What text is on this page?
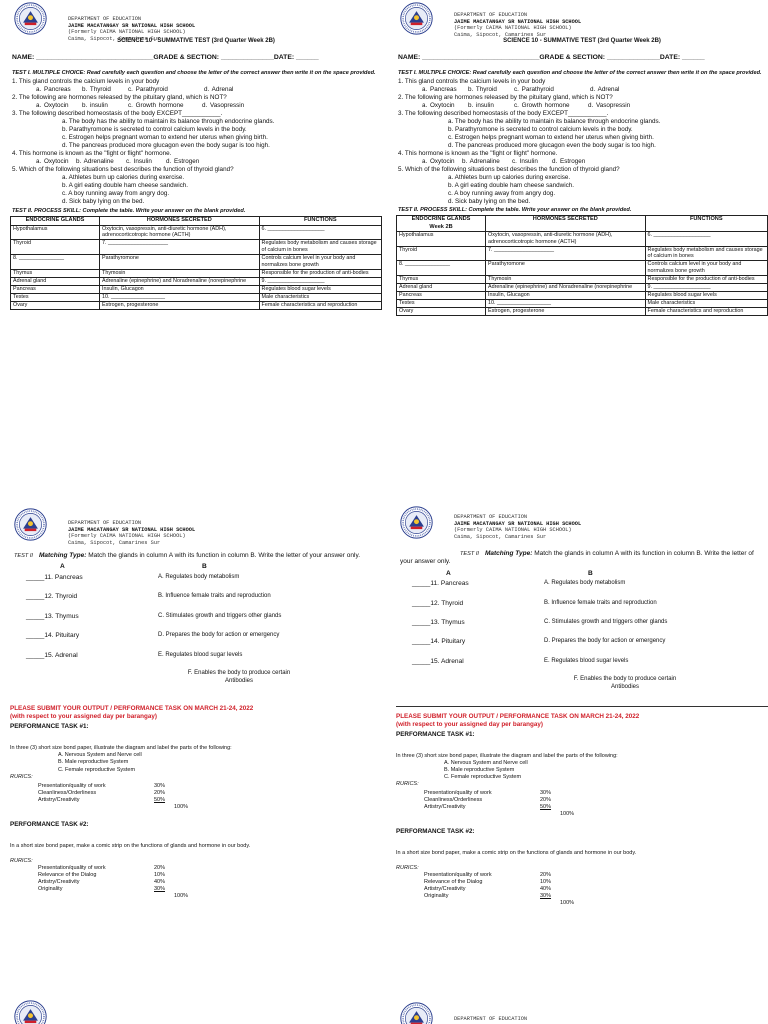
DEPARTMENT OF EDUCATION
JAIME MACATANGAY SR NATIONAL HIGH SCHOOL
(Formerly CAIMA NATIONAL HIGH SCHOOL)
Caima, Sipocot, Camarines Sur
SCIENCE 10 - SUMMATIVE TEST (3rd Quarter Week 2B)
NAME: _______________________________GRADE & SECTION: ______________DATE: ______
TEST I. MULTIPLE CHOICE: Read carefully each question and choose the letter of the correct answer then write it on the space provided.
1. This gland controls the calcium levels in your body
a. Pancreas b. Thyroid	c. Parathyroid	d. Adrenal
2. The following are hormones released by the pituitary gland, which is NOT?
a. Oxytocin b. insulin	c. Growth hormone	d. Vasopressin
3. The following described homeostasis of the body EXCEPT___________.
a. The body has the ability to maintain its balance through endocrine glands.
b. Parathyromone is secreted to control calcium levels in the body.
c. Estrogen helps pregnant woman to extend her uterus when giving birth.
d. The pancreas produced more glucagon even the body sugar is too high.
4. This hormone is known as the "fight or flight" hormone.
a. Oxytocin b. Adrenaline c. Insulin d. Estrogen
5. Which of the following situations best describes the function of thyroid gland?
a. Athletes burn up calories during exercise.
b. A girl eating double ham cheese sandwich.
c. A boy running away from angry dog.
d. Sick baby lying on the bed.
TEST II. PROCESS SKILL: Complete the table. Write your answer on the blank provided.
ENDOCRINE GLANDS	HORMONES SECRETED	FUNCTIONS
Hypothalamus	Oxytocin, vasopressin, anti-diuretic hormone (ADH), adrenocorticotropic hormone (ACTH)	6. ___________________
Thyroid	7. ____________________	Regulates body metabolism and causes storage of calcium in bones
8. _______________	Parathyromone	Controls calcium level in your body and normalizes bone growth
Thymus	Thymosin	Responsible for the production of anti-bodies
Adrenal gland	Adrenaline (epinephrine) and Noradrenaline (norepinephrine	9. ___________________
Pancreas	Insulin, Glucagon	Regulates blood sugar levels
Testes	10. __________________	Male characteristics
Ovary	Estrogen, progesterone	Female characteristics and reproduction
DEPARTMENT OF EDUCATION
JAIME MACATANGAY SR NATIONAL HIGH SCHOOL
(Formerly CAIMA NATIONAL HIGH SCHOOL)
Caima, Sipocot, Camarines Sur
SCIENCE 10 - SUMMATIVE TEST (3rd Quarter Week 2B)
NAME: _______________________________GRADE & SECTION: ______________DATE: ______
TEST I. MULTIPLE CHOICE: Read carefully each question and choose the letter of the correct answer then write it on the space provided.
1. This gland controls the calcium levels in your body
a. Pancreas b. Thyroid	c. Parathyroid	d. Adrenal
2. The following are hormones released by the pituitary gland, which is NOT?
a. Oxytocin b. insulin	c. Growth hormone	d. Vasopressin
3. The following described homeostasis of the body EXCEPT___________.
a. The body has the ability to maintain its balance through endocrine glands.
b. Parathyromone is secreted to control calcium levels in the body.
c. Estrogen helps pregnant woman to extend her uterus when giving birth.
d. The pancreas produced more glucagon even the body sugar is too high.
4. This hormone is known as the "fight or flight" hormone.
a. Oxytocin b. Adrenaline c. Insulin d. Estrogen
5. Which of the following situations best describes the function of thyroid gland?
a. Athletes burn up calories during exercise.
b. A girl eating double ham cheese sandwich.
c. A boy running away from angry dog.
d. Sick baby lying on the bed.
TEST II. PROCESS SKILL: Complete the table. Write your answer on the blank provided.
ENDOCRINE GLANDS
Week 2B	HORMONES SECRETED	FUNCTIONS
Hypothalamus	Oxytocin, vasopressin, anti-diuretic hormone (ADH), adrenocorticotropic hormone (ACTH)	6. ___________________
Thyroid	7. ____________________	Regulates body metabolism and causes storage of calcium in bones
8. _______________	Parathyromone	Controls calcium level in your body and normalizes bone growth
Thymus	Thymosin	Responsible for the production of anti-bodies
Adrenal gland	Adrenaline (epinephrine) and Noradrenaline (norepinephrine	9. ___________________
Pancreas	Insulin, Glucagon	Regulates blood sugar levels
Testes	10. __________________	Male characteristics
Ovary	Estrogen, progesterone	Female characteristics and reproduction
DEPARTMENT OF EDUCATION
JAIME MACATANGAY SR NATIONAL HIGH SCHOOL
(Formerly CAIMA NATIONAL HIGH SCHOOL)
Caima, Sipocot, Camarines Sur
TEST II Matching Type: Match the glands in column A with its function in column B. Write the letter of your answer only.
A	B
_____11. Pancreas	A. Regulates body metabolism
_____12. Thyroid	B. Influence female traits and reproduction
_____13. Thymus	C. Stimulates growth and triggers other glands
_____14. Pituitary	D. Prepares the body for action or emergency
_____15. Adrenal	E. Regulates blood sugar levels
F. Enables the body to produce certain Antibodies
PLEASE SUBMIT YOUR OUTPUT / PERFORMANCE TASK ON MARCH 21-24, 2022
(with respect to your assigned day per barangay)
PERFORMANCE TASK #1:
In three (3) short size bond paper, illustrate the diagram and label the parts of the following:
A. Nervous System and Nerve cell
B. Male reproductive System
C. Female reproductive System
RURICS:
Presentation/quality of work	30%
Cleanliness/Orderliness	20%
Artistry/Creativity	50%
100%
PERFORMANCE TASK #2:
In a short size bond paper, make a comic strip on the functions of glands and hormone in our body.
RURICS:
Presentation/quality of work	20%
Relevance of the Dialog	10%
Artistry/Creativity	40%
Originality	30%
100%
DEPARTMENT OF EDUCATION
JAIME MACATANGAY SR NATIONAL HIGH SCHOOL
(Formerly CAIMA NATIONAL HIGH SCHOOL)
Caima, Sipocot, Camarines Sur
TEST II Matching Type: Match the glands in column A with its function in column B. Write the letter of your answer only.
A	B
_____11. Pancreas	A. Regulates body metabolism
_____12. Thyroid	B. Influence female traits and reproduction
_____13. Thymus	C. Stimulates growth and triggers other glands
_____14. Pituitary	D. Prepares the body for action or emergency
_____15. Adrenal	E. Regulates blood sugar levels
F. Enables the body to produce certain Antibodies
PLEASE SUBMIT YOUR OUTPUT / PERFORMANCE TASK ON MARCH 21-24, 2022
(with respect to your assigned day per barangay)
PERFORMANCE TASK #1:
In three (3) short size bond paper, illustrate the diagram and label the parts of the following:
A. Nervous System and Nerve cell
B. Male reproductive System
C. Female reproductive System
RURICS:
Presentation/quality of work	30%
Cleanliness/Orderliness	20%
Artistry/Creativity	50%
100%
PERFORMANCE TASK #2:
In a short size bond paper, make a comic strip on the functions of glands and hormone in our body.
RURICS:
Presentation/quality of work	20%
Relevance of the Dialog	10%
Artistry/Creativity	40%
Originality	30%
100%
DEPARTMENT OF EDUCATION
